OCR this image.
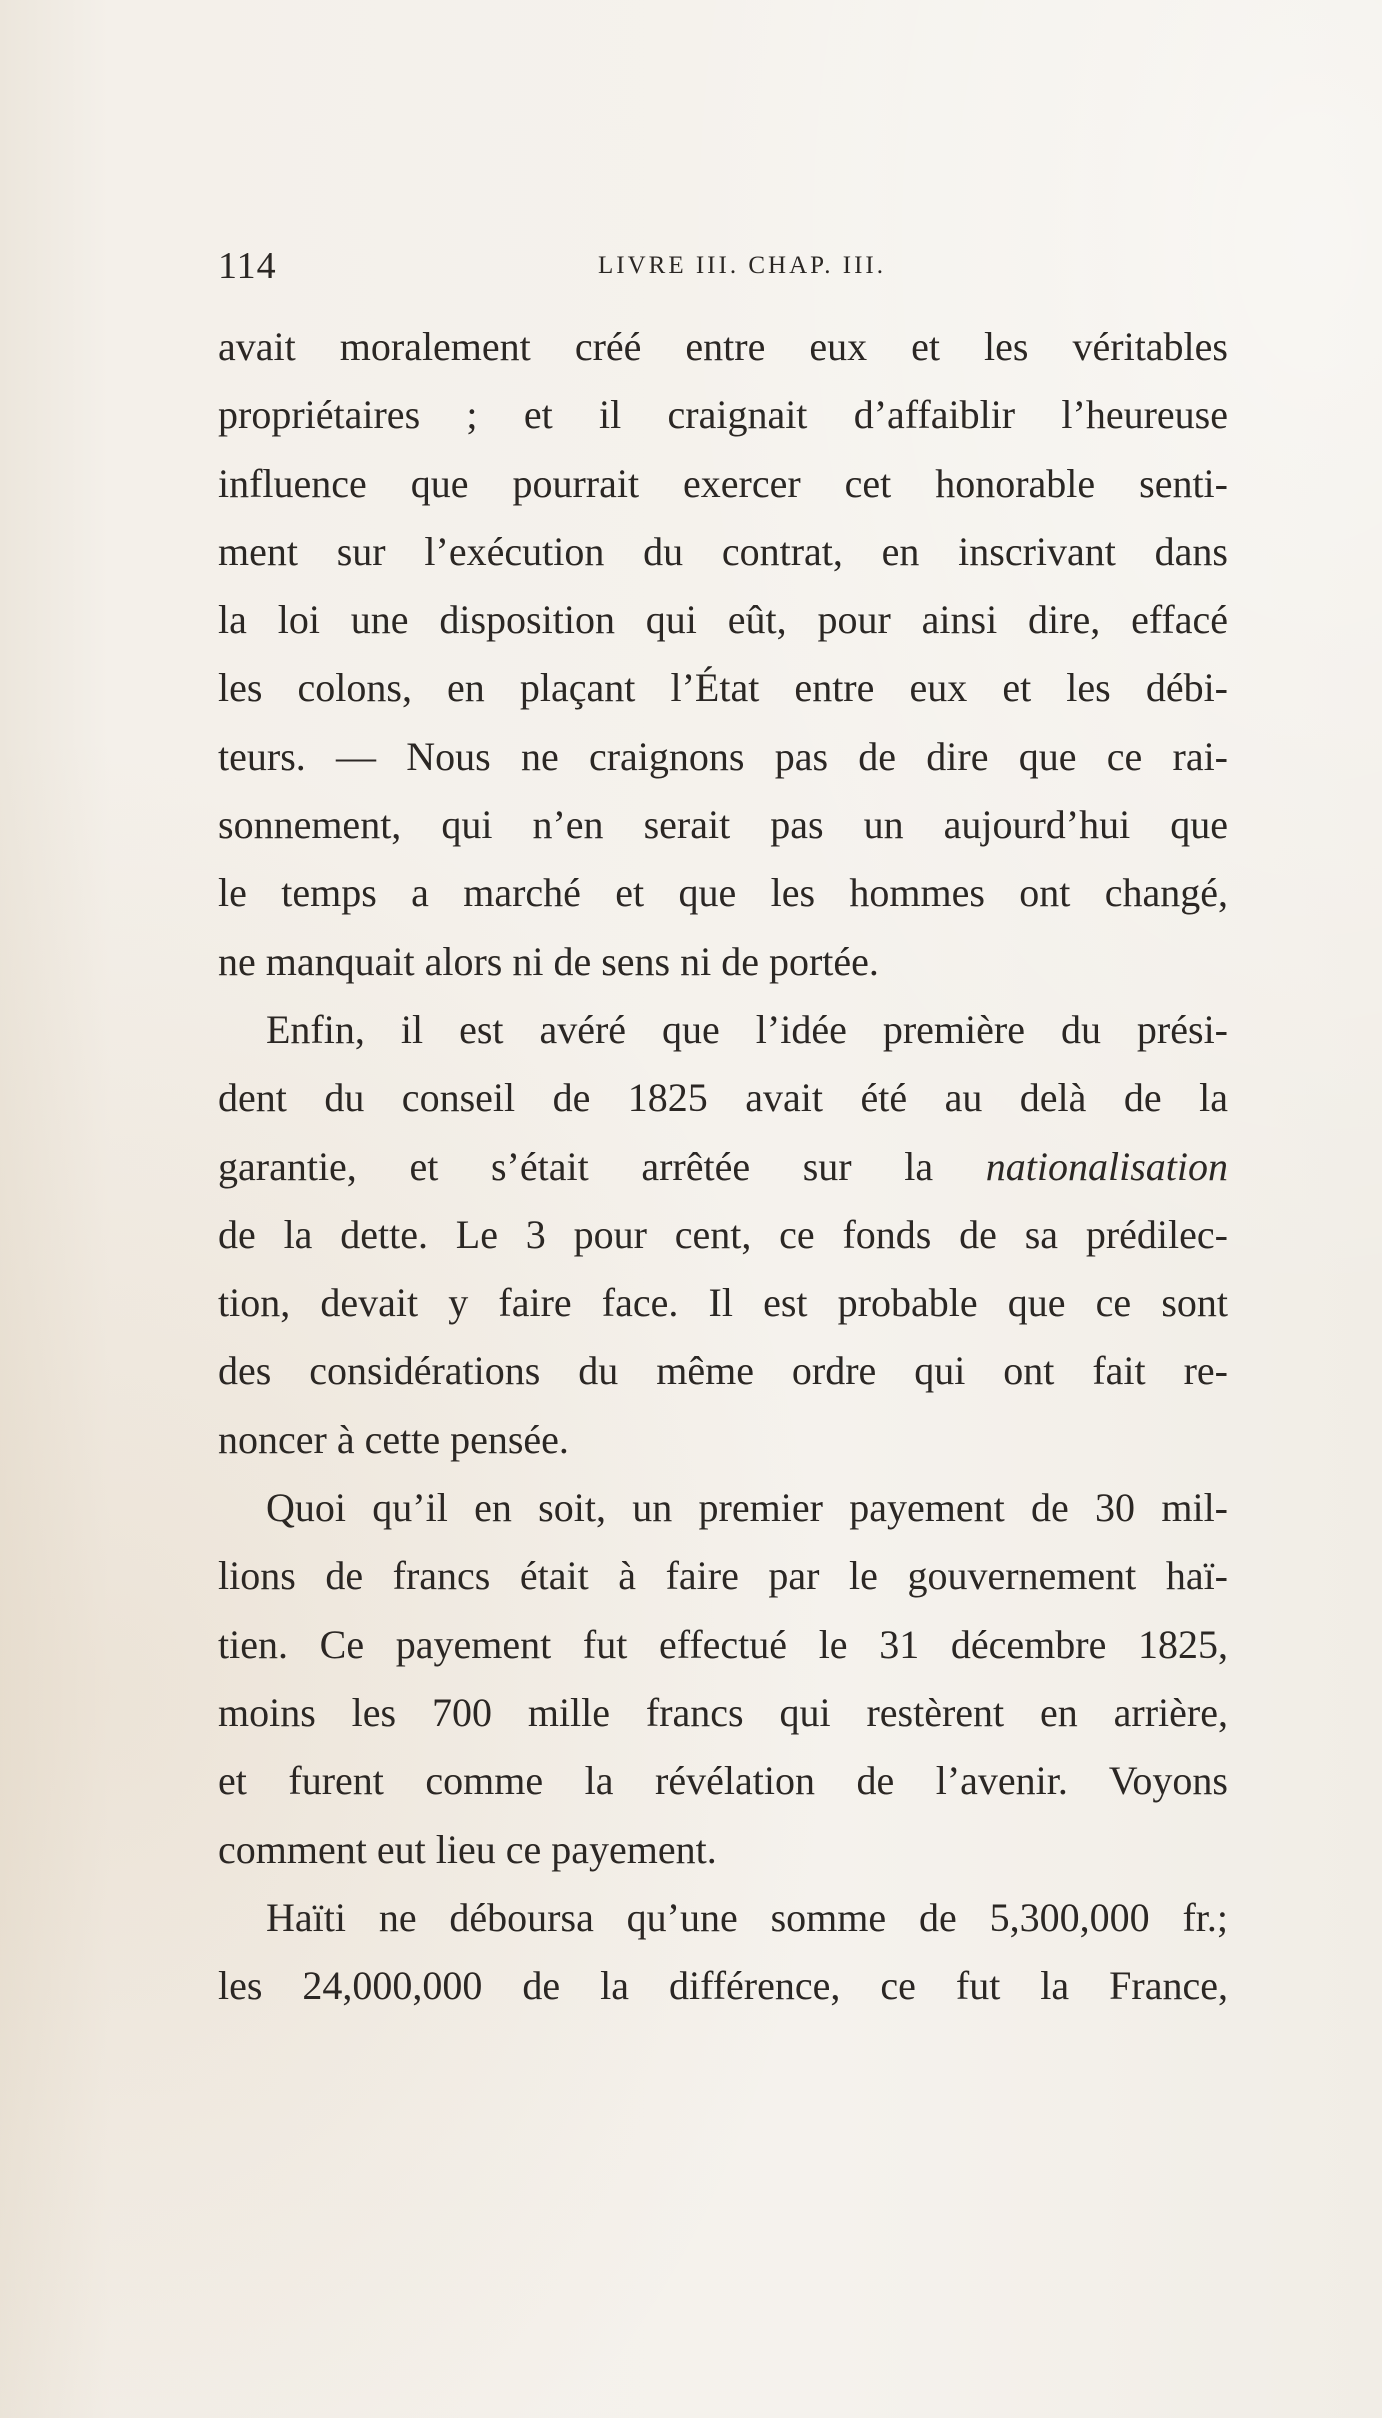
114	LIVRE III. CHAP. III.
avait moralement créé entre eux et les véritables
propriétaires ; et il craignait d’affaiblir l’heureuse
influence que pourrait exercer cet honorable senti-
ment sur l’exécution du contrat, en inscrivant dans
la loi une disposition qui eût, pour ainsi dire, effacé
les colons, en plaçant l’État entre eux et les débi-
teurs. — Nous ne craignons pas de dire que ce rai-
sonnement, qui n’en serait pas un aujourd’hui que
le temps a marché et que les hommes ont changé,
ne manquait alors ni de sens ni de portée.
Enfin, il est avéré que l’idée première du prési-
dent du conseil de 1825 avait été au delà de la
garantie, et s’était arrêtée sur la nationalisation
de la dette. Le 3 pour cent, ce fonds de sa prédilec-
tion, devait y faire face. Il est probable que ce sont
des considérations du même ordre qui ont fait re-
noncer à cette pensée.
Quoi qu’il en soit, un premier payement de 30 mil-
lions de francs était à faire par le gouvernement haï-
tien. Ce payement fut effectué le 31 décembre 1825,
moins les 700 mille francs qui restèrent en arrière,
et furent comme la révélation de l’avenir. Voyons
comment eut lieu ce payement.
Haïti ne déboursa qu’une somme de 5,300,000 fr.;
les 24,000,000 de la différence, ce fut la France,
